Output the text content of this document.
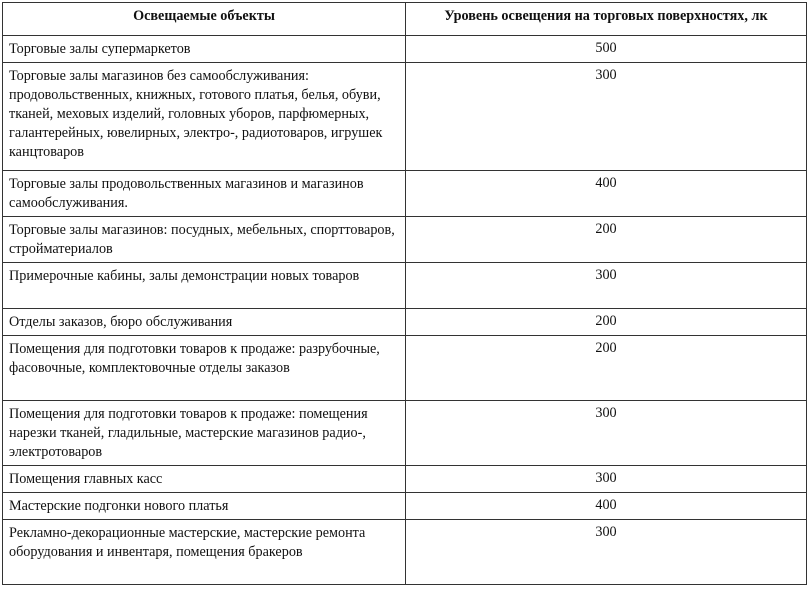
Освещаемые объекты	Уровень освещения на торговых поверхностях, лк
Торговые залы супермаркетов	500
Торговые залы магазинов без самообслуживания: продовольственных, книжных, готового платья, белья, обуви, тканей, меховых изделий, головных уборов, парфюмерных, галантерейных, ювелирных, электро-, радиотоваров, игрушек канцтоваров	300
Торговые залы продовольственных магазинов и магазинов самообслуживания.	400
Торговые залы магазинов: посудных, мебельных, спорттоваров, стройматериалов	200
Примерочные кабины, залы демонстрации новых товаров	300
Отделы заказов, бюро обслуживания	200
Помещения для подготовки товаров к продаже: разрубочные, фасовочные, комплектовочные отделы заказов	200
Помещения для подготовки товаров к продаже: помещения нарезки тканей, гладильные, мастерские магазинов радио-, электротоваров	300
Помещения главных касс	300
Мастерские подгонки нового платья	400
Рекламно-декорационные мастерские, мастерские ремонта оборудования и инвентаря, помещения бракеров	300
